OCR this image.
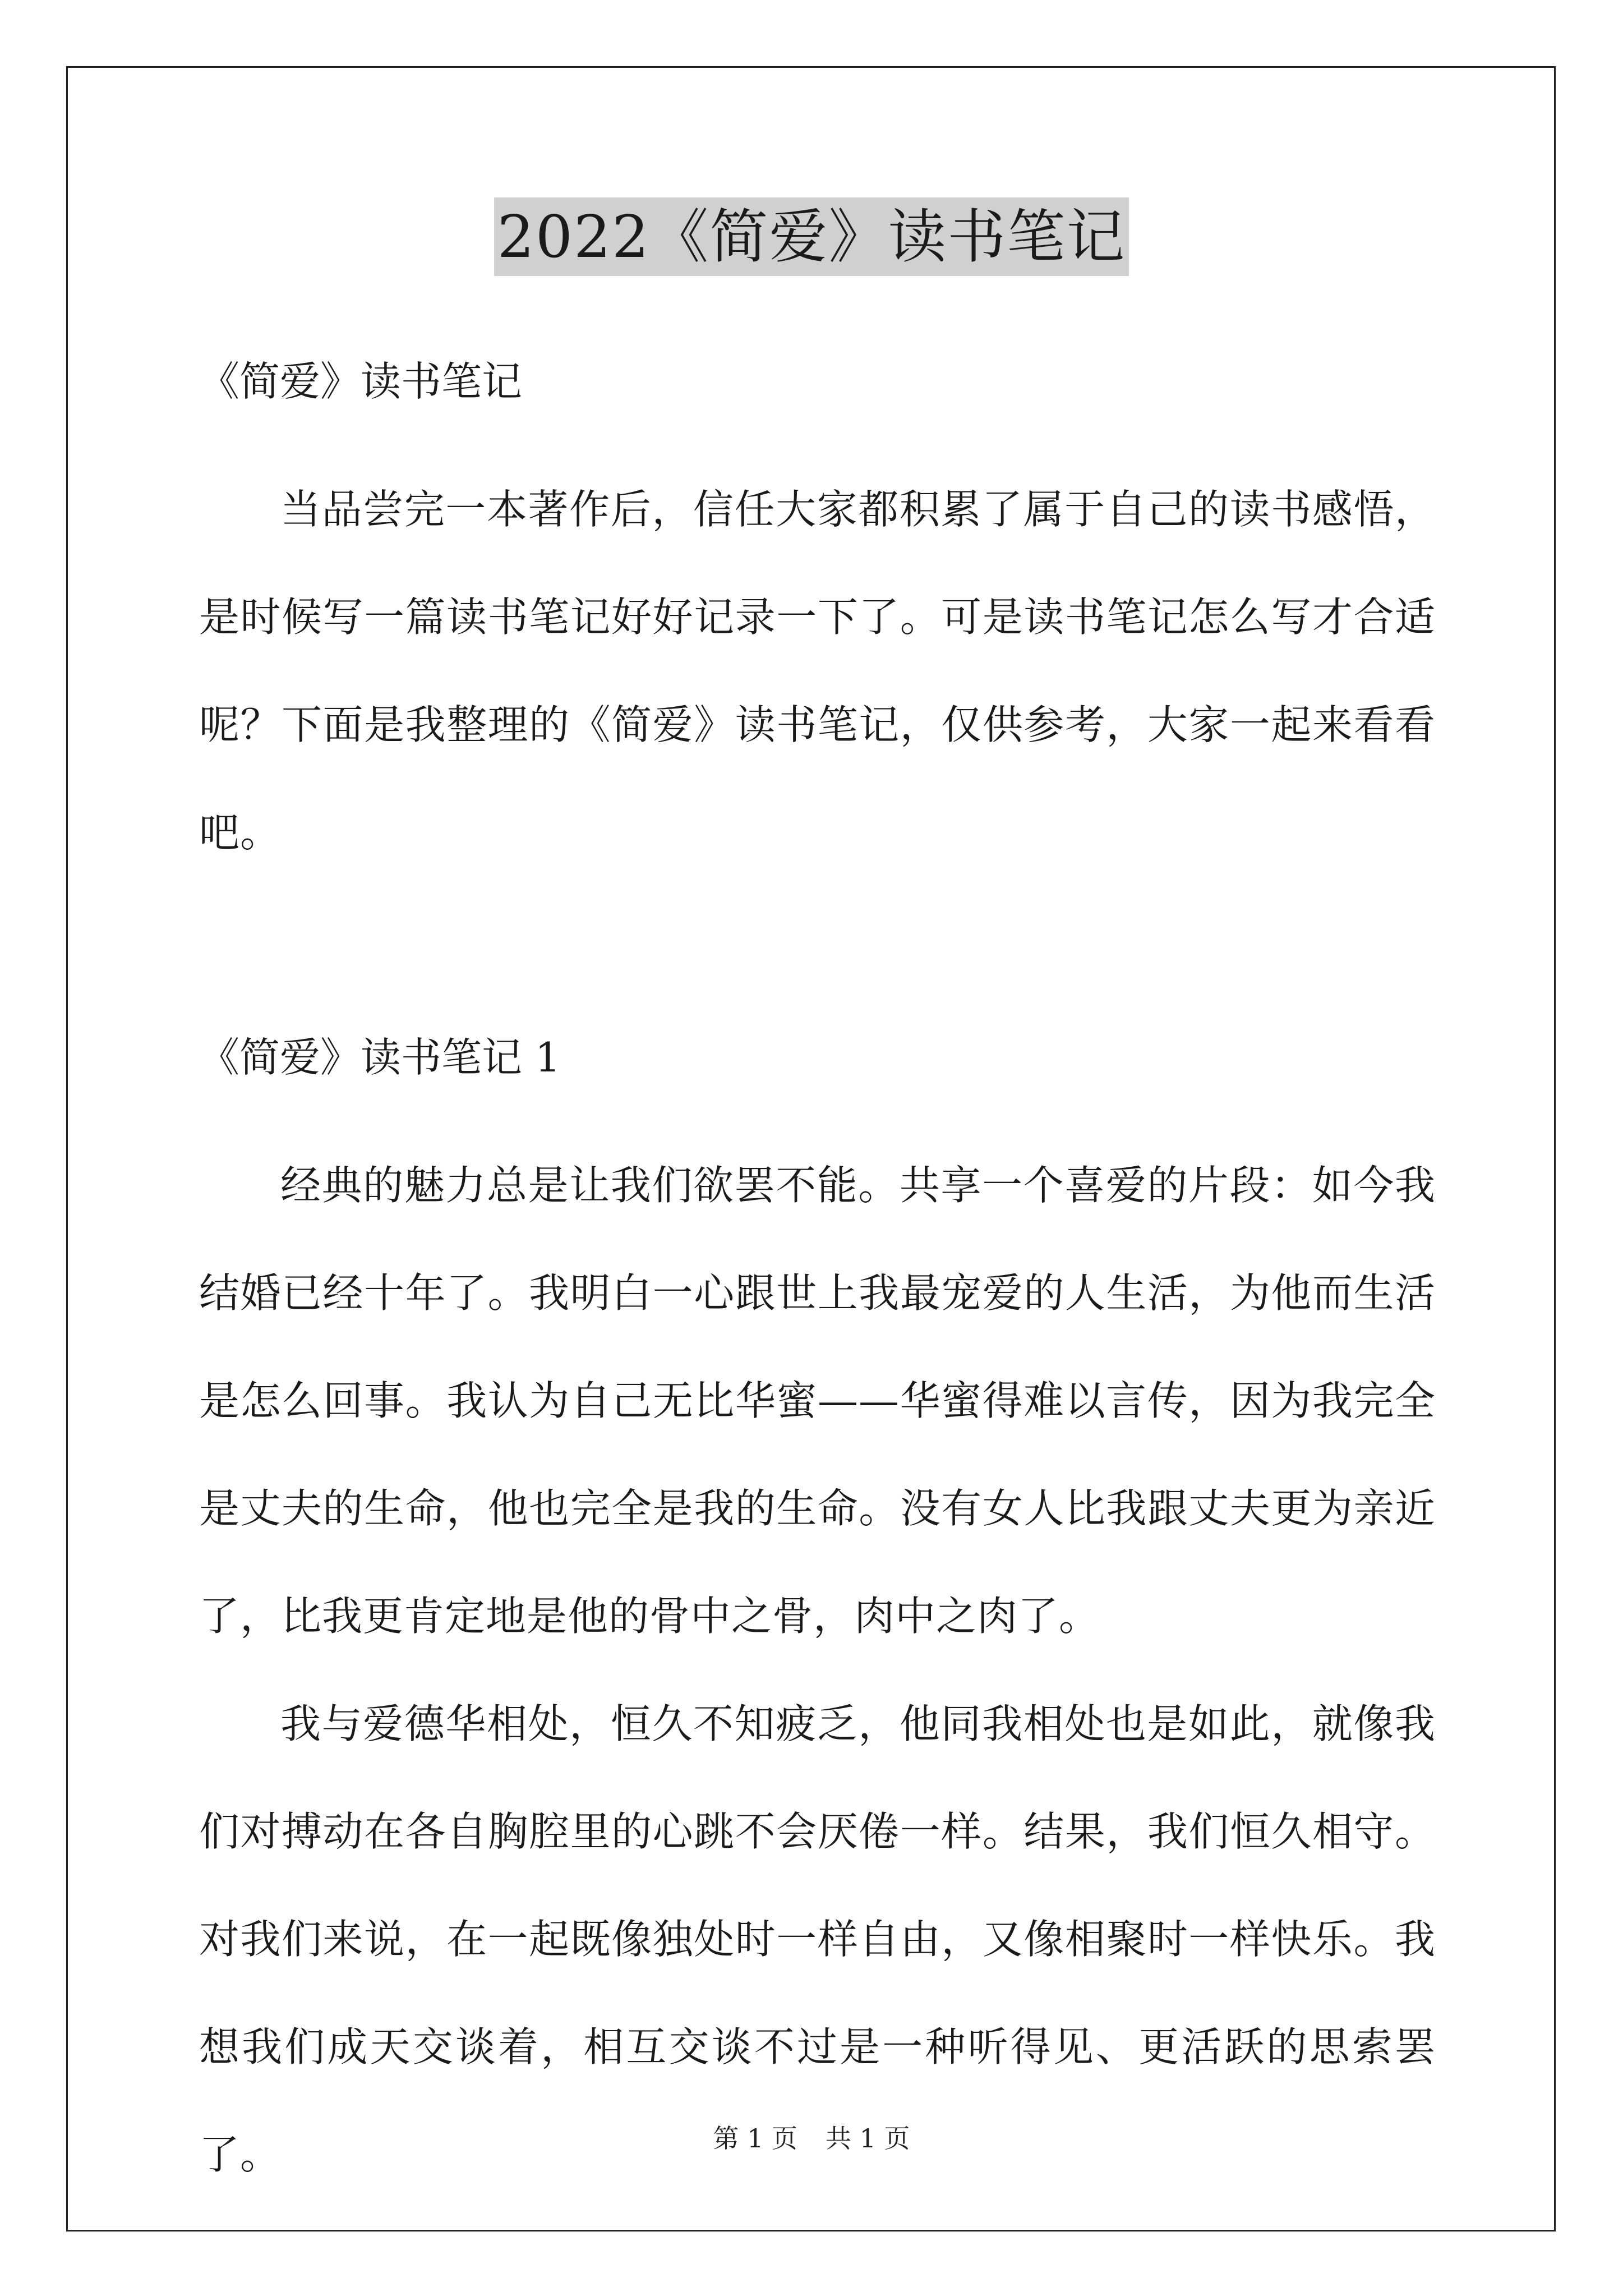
2022《简爱》读书笔记

《简爱》读书笔记

当品尝完一本著作后，信任大家都积累了属于自己的读书感悟，是时候写一篇读书笔记好好记录一下了。可是读书笔记怎么写才合适呢？下面是我整理的《简爱》读书笔记，仅供参考，大家一起来看看吧。

《简爱》读书笔记 1

经典的魅力总是让我们欲罢不能。共享一个喜爱的片段：如今我结婚已经十年了。我明白一心跟世上我最宠爱的人生活，为他而生活是怎么回事。我认为自己无比华蜜——华蜜得难以言传，因为我完全是丈夫的生命，他也完全是我的生命。没有女人比我跟丈夫更为亲近了，比我更肯定地是他的骨中之骨，肉中之肉了。

我与爱德华相处，恒久不知疲乏，他同我相处也是如此，就像我们对搏动在各自胸腔里的心跳不会厌倦一样。结果，我们恒久相守。对我们来说，在一起既像独处时一样自由，又像相聚时一样快乐。我想我们成天交谈着，相互交谈不过是一种听得见、更活跃的思索罢了。	第 1 页 共 1 页
